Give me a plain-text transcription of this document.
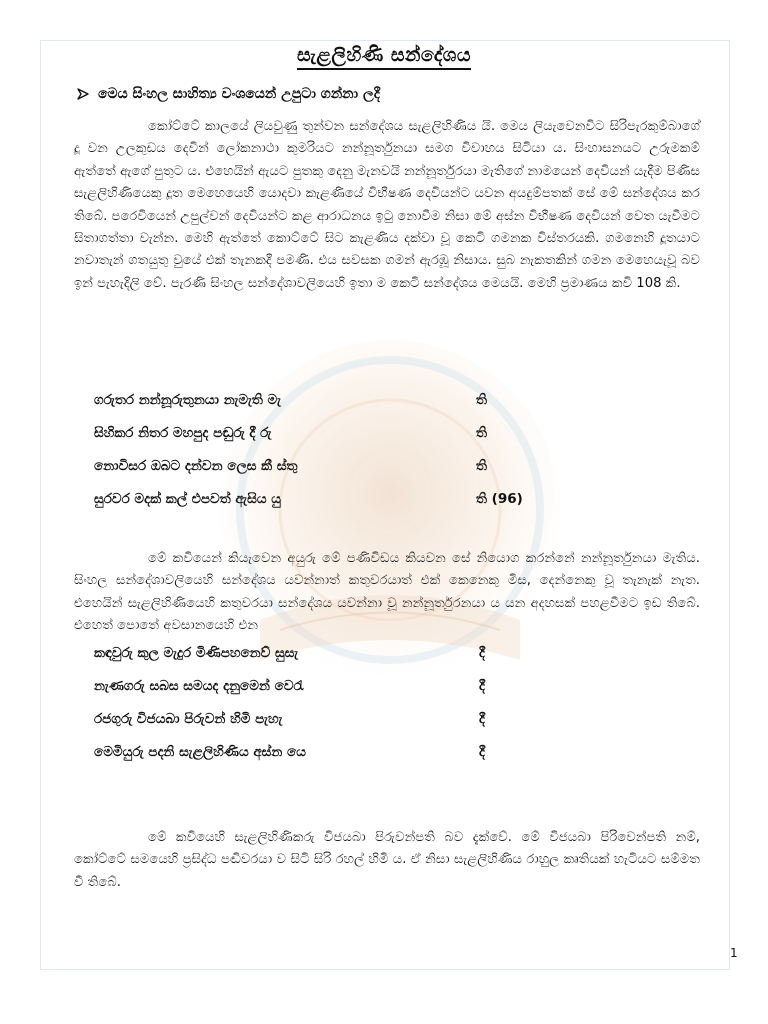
සැළලිහිණි සන්දේශය
මෙය සිංහල සාහිත්‍ය වංශයෙන් උපුටා ගන්නා ලදී

කෝට්ටේ කාලයේ ලියවුණු තුන්වන සන්දේශය සැළලිහිණිය යි. මෙය ලියැවෙනවිට සිරිපැරකුම්බාගේ දූ වන උලකුඩය දෙවින් ලෝකනාථා කුමරියට නන්නූර්තුනයා සමග විවාහය සිටියා ය. සිංහාසනයට උරුමකම් ඇත්තේ ඇගේ පුතුට ය. එහෙයින් ඇයට පුතකු දෙනු මැනවයි නන්නූර්තුරයා මැතිගේ නාමයෙන් දෙවියන් යැදීම පිණිස සැළලිහිණියෙකු දූත මෙහෙයෙහි යොදවා කැළණියේ විභීෂණ දෙවියන්ට යවන අයදුම්පතක් සේ මේ සන්දේශය කර තිබේ. පරෙවියෙන් උපුල්වන් දෙවියන්ට කළ ආරාධනය ඉටු නොවීම නිසා මේ අස්න විභීෂණ දෙවියන් වෙත යැවීමට සිතාගත්තා වැන්න. මෙහි ඇත්තේ කොට්ටේ සිට කැළණිය දක්වා වූ කෙටි ගමනක විස්තරයකි. ගමනෙහි දූතයාට නවාතැන් ගතයුතු වුයේ එක් තැනකදී පමණි. එය සවසක ගමන් ඇරඹූ නිසාය. සුබ නැකතකින් ගමන මෙහෙයැවූ බව ඉන් පැහැදිලි වේ. පැරණි සිංහල සන්දේශාවලියෙහි ඉතා ම කෙටි සන්දේශය මෙයයි. මෙහි ප්‍රමාණය කවි 108 කි.

ගරුතර නන්නූරුතුනයා නැමැති මැ	ති
සිහිකර නිතර මහපුද පඬුරු දී රු	ති
නොවිසර ඔබට දන්වන ලෙස කී ස්තු	ති
සුරවර මදක් කල් එපවත් ඇසිය යු	ති (96)

මේ කවියෙන් කියැවෙන අයුරු මේ පණිවිඩය කියවන සේ නියොග කරන්නේ නන්නූර්තුනයා මැතිය. සිංහල සන්දේශාවලියෙහි සන්දේශය යවන්නාත් කතුවරයාත් එක් කෙනෙකු මිස, දෙන්නෙකු වූ තැනැක් නැත. එහෙයින් සැළලිහිණියෙහි කතුවරයා සන්දේශය යවන්නා වූ නන්නූර්තුරනයා ය යන අදහසක් පහළවීමට ඉඩ තිබේ. එහෙත් පොතේ අවසානයෙහි එන

කඳවුරු කුල මැදුර මිණිපහනෙව් සුසැ	දී
නැණගරු සබස සමයද දනුමෙන් වෙරැ	දී
රජගුරු විජයබා පිරුවන් හිමි පැහැ	දී
මෙමියුරු පදනි සැළලිහිණිය අස්න යෙ	දී

මේ කවියෙහි සැළලිහිණිකරු විජයබා පිරුවන්පති බව දැක්වේ. මේ විජයබා පිරිවෙන්පති නම්, කෝට්ටේ සමයෙහි ප්‍රසිද්ධ පඬිවරයා ව සිටි සිරි රහල් හිමි ය. ඒ නිසා සැළලිහිණිය රාහුල කෘතියක් හැටියට සම්මත වී තිබේ.

1
